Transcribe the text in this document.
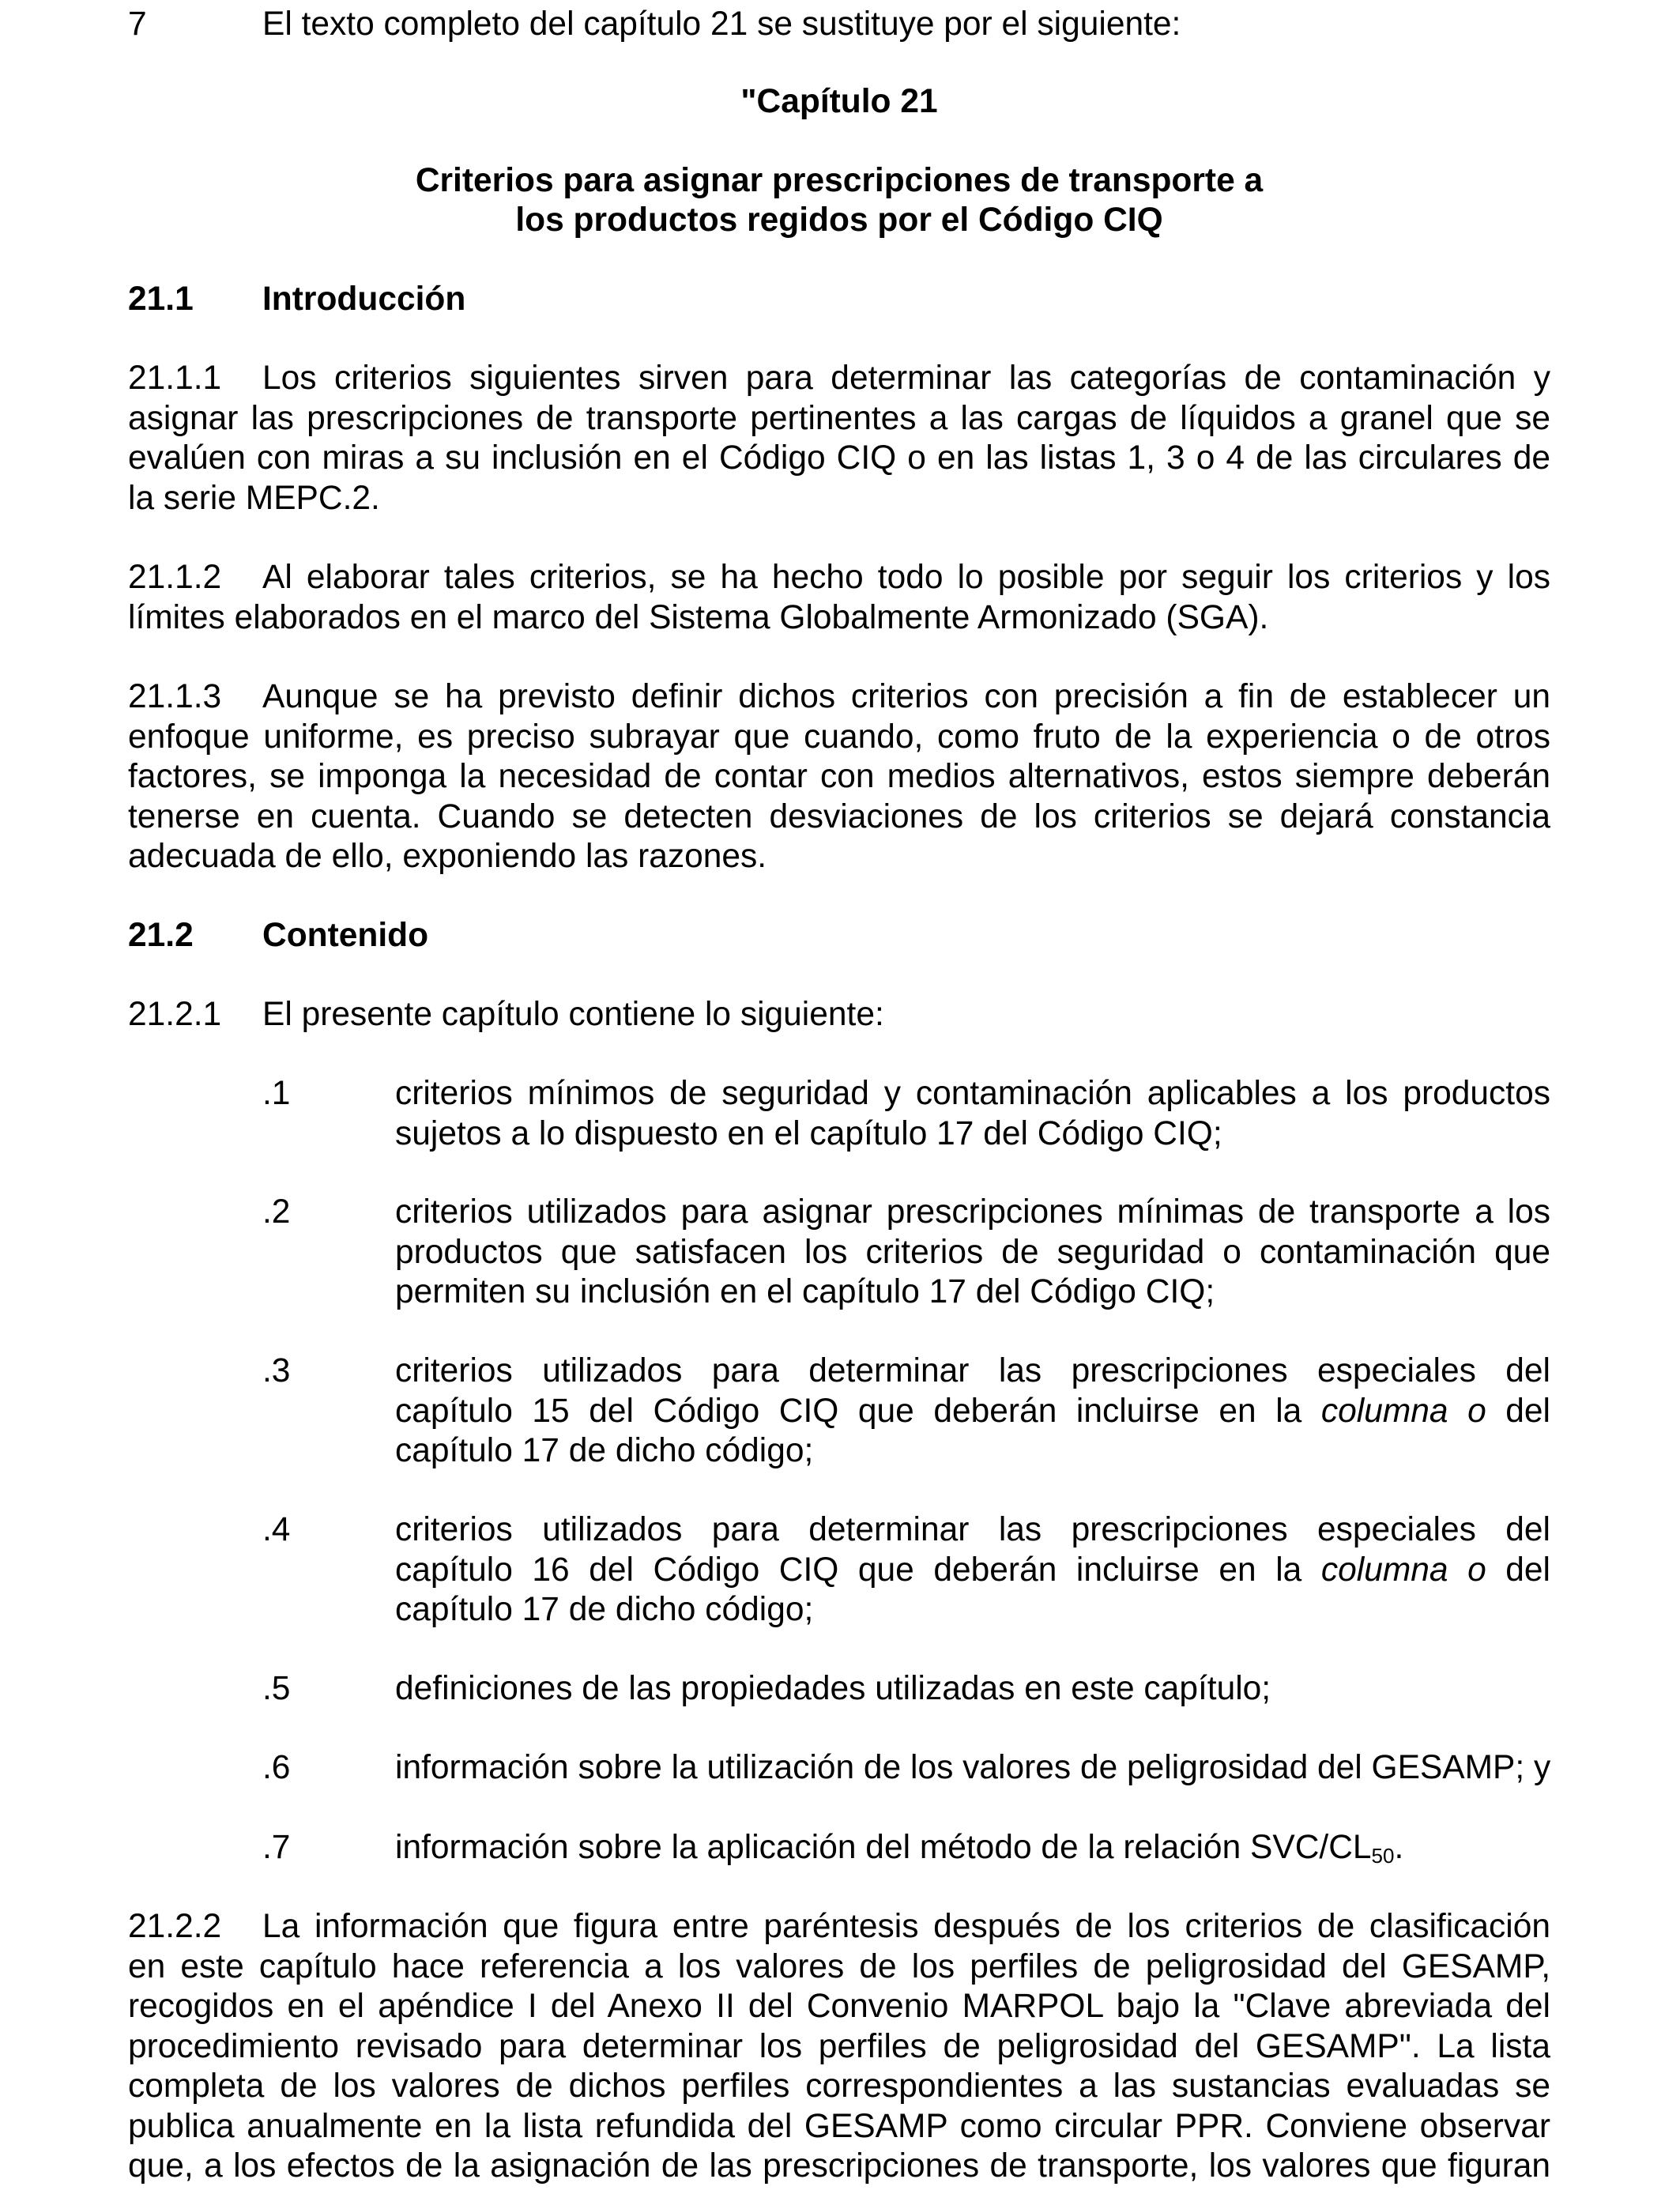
7	El texto completo del capítulo 21 se sustituye por el siguiente:
"Capítulo 21
Criterios para asignar prescripciones de transporte a
los productos regidos por el Código CIQ
21.1 Introducción
21.1.1 Los criterios siguientes sirven para determinar las categorías de contaminación y
asignar las prescripciones de transporte pertinentes a las cargas de líquidos a granel que se
evalúen con miras a su inclusión en el Código CIQ o en las listas 1, 3 o 4 de las circulares de
la serie MEPC.2.
21.1.2 Al elaborar tales criterios, se ha hecho todo lo posible por seguir los criterios y los
límites elaborados en el marco del Sistema Globalmente Armonizado (SGA).
21.1.3 Aunque se ha previsto definir dichos criterios con precisión a fin de establecer un
enfoque uniforme, es preciso subrayar que cuando, como fruto de la experiencia o de otros
factores, se imponga la necesidad de contar con medios alternativos, estos siempre deberán
tenerse en cuenta. Cuando se detecten desviaciones de los criterios se dejará constancia
adecuada de ello, exponiendo las razones.
21.2 Contenido
21.2.1 El presente capítulo contiene lo siguiente:
.1	criterios mínimos de seguridad y contaminación aplicables a los productos
sujetos a lo dispuesto en el capítulo 17 del Código CIQ;
.2	criterios utilizados para asignar prescripciones mínimas de transporte a los
productos que satisfacen los criterios de seguridad o contaminación que
permiten su inclusión en el capítulo 17 del Código CIQ;
.3	criterios utilizados para determinar las prescripciones especiales del
capítulo 15 del Código CIQ que deberán incluirse en la columna o del
capítulo 17 de dicho código;
.4	criterios utilizados para determinar las prescripciones especiales del
capítulo 16 del Código CIQ que deberán incluirse en la columna o del
capítulo 17 de dicho código;
.5	definiciones de las propiedades utilizadas en este capítulo;
.6	información sobre la utilización de los valores de peligrosidad del GESAMP; y
.7	información sobre la aplicación del método de la relación SVC/$CL_{50}$.
21.2.2 La información que figura entre paréntesis después de los criterios de clasificación
en este capítulo hace referencia a los valores de los perfiles de peligrosidad del GESAMP,
recogidos en el apéndice I del Anexo II del Convenio MARPOL bajo la "Clave abreviada del
procedimiento revisado para determinar los perfiles de peligrosidad del GESAMP". La lista
completa de los valores de dichos perfiles correspondientes a las sustancias evaluadas se
publica anualmente en la lista refundida del GESAMP como circular PPR. Conviene observar
que, a los efectos de la asignación de las prescripciones de transporte, los valores que figuran
